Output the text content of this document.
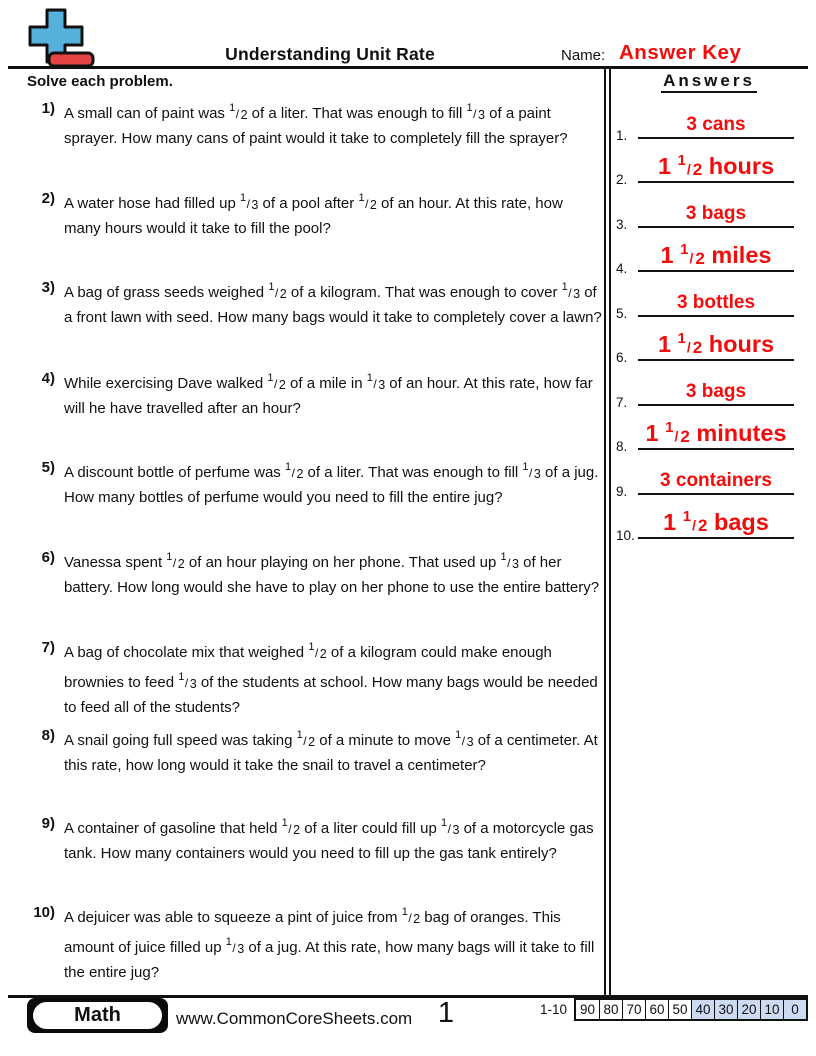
Understanding Unit Rate	Name: Answer Key
Solve each problem.
1) A small can of paint was $^1$/ 2 of a liter. That was enough to fill $^1$/ 3 of a paint sprayer. How many cans of paint would it take to completely fill the sprayer?
2) A water hose had filled up $^1$/ 3 of a pool after $^1$/ 2 of an hour. At this rate, how many hours would it take to fill the pool?
3) A bag of grass seeds weighed $^1$/ 2 of a kilogram. That was enough to cover $^1$/ 3 of a front lawn with seed. How many bags would it take to completely cover a lawn?
4) While exercising Dave walked $^1$/ 2 of a mile in $^1$/ 3 of an hour. At this rate, how far will he have travelled after an hour?
5) A discount bottle of perfume was $^1$/ 2 of a liter. That was enough to fill $^1$/ 3 of a jug. How many bottles of perfume would you need to fill the entire jug?
6) Vanessa spent $^1$/ 2 of an hour playing on her phone. That used up $^1$/ 3 of her battery. How long would she have to play on her phone to use the entire battery?
7) A bag of chocolate mix that weighed $^1$/ 2 of a kilogram could make enough brownies to feed $^1$/ 3 of the students at school. How many bags would be needed to feed all of the students?
8) A snail going full speed was taking $^1$/ 2 of a minute to move $^1$/ 3 of a centimeter. At this rate, how long would it take the snail to travel a centimeter?
9) A container of gasoline that held $^1$/ 2 of a liter could fill up $^1$/ 3 of a motorcycle gas tank. How many containers would you need to fill up the gas tank entirely?
10) A dejuicer was able to squeeze a pint of juice from $^1$/ 2 bag of oranges. This amount of juice filled up $^1$/ 3 of a jug. At this rate, how many bags will it take to fill the entire jug?
Answers
1.
3 cans
2.
1 $^1$/ 2 hours
3.
3 bags
4.
1 $^1$/ 2 miles
5.
3 bottles
6.
1 $^1$/ 2 hours
7.
3 bags
8.
1 $^1$/ 2 minutes
9.
3 containers
10.
1 $^1$/ 2 bags
Math	www.CommonCoreSheets.com 1	1-10 90 80 70 60 50 40 30 20 10 0
